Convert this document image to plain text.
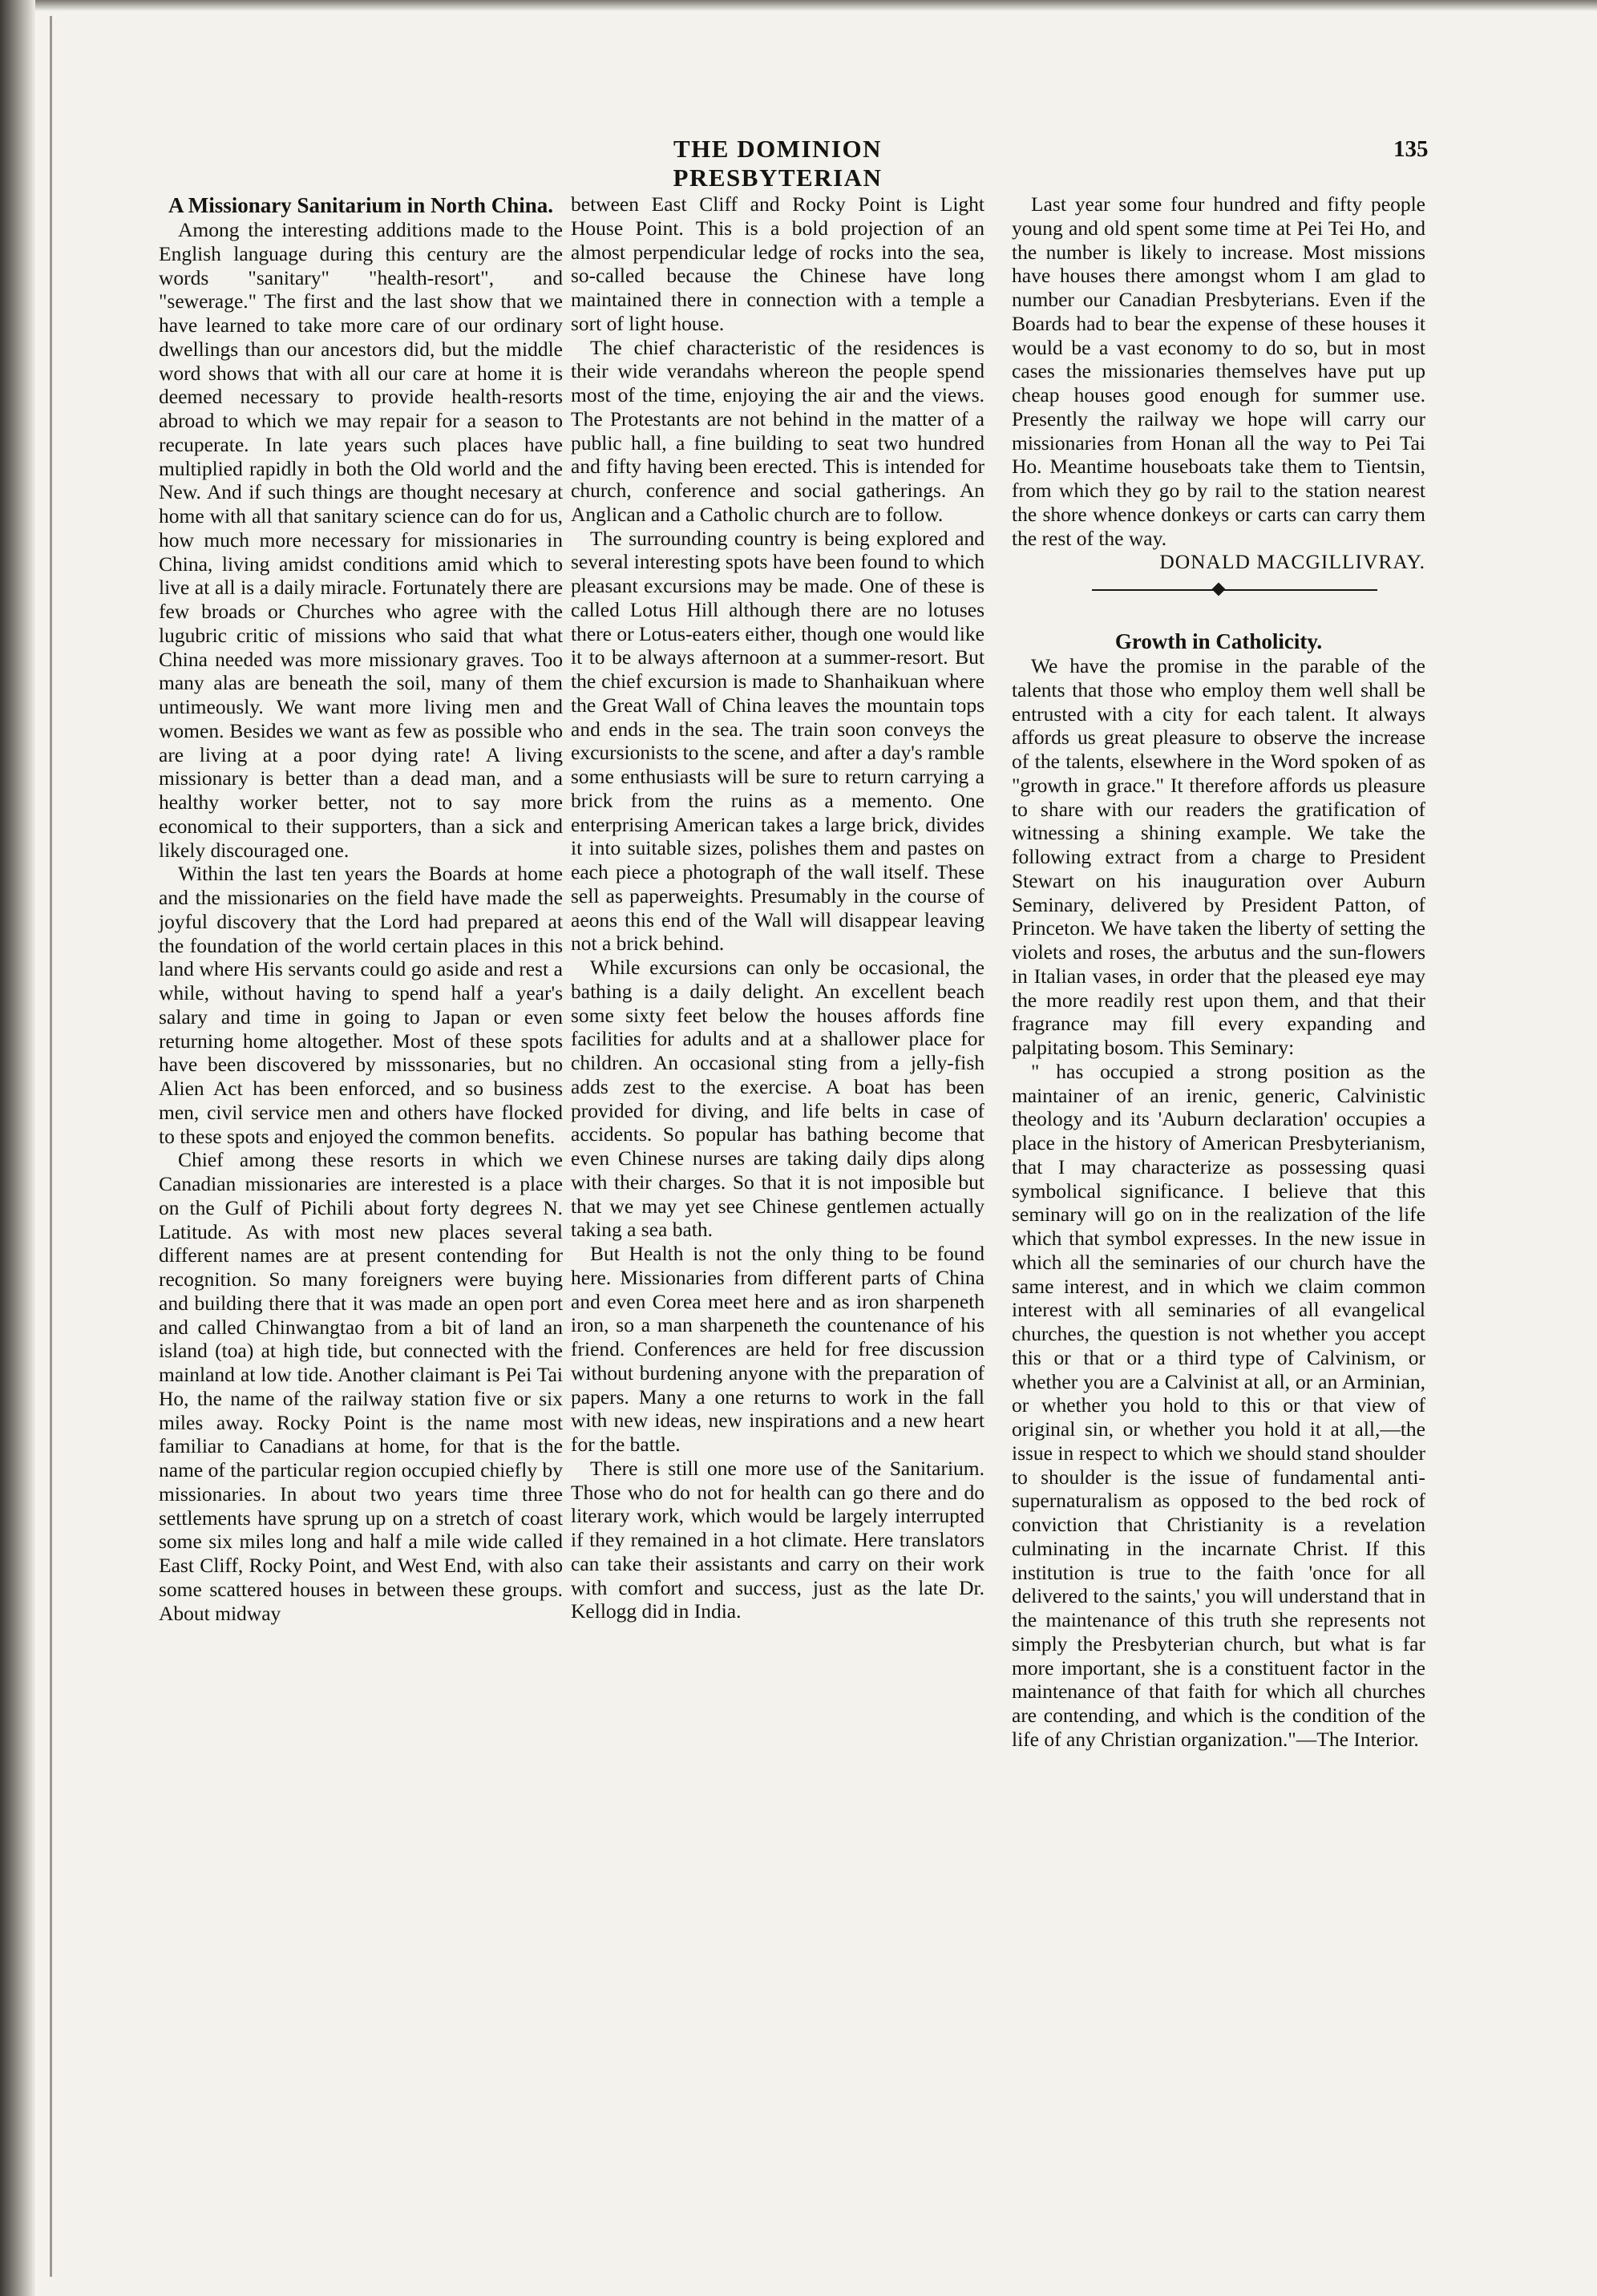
THE DOMINION PRESBYTERIAN
135
A Missionary Sanitarium in North China.

Among the interesting additions made to the English language during this century are the words "sanitary" "health-resort", and "sewerage." The first and the last show that we have learned to take more care of our ordinary dwellings than our ancestors did, but the middle word shows that with all our care at home it is deemed necessary to provide health-resorts abroad to which we may repair for a season to recuperate. In late years such places have multiplied rapidly in both the Old world and the New. And if such things are thought necesary at home with all that sanitary science can do for us, how much more necessary for missionaries in China, living amidst conditions amid which to live at all is a daily miracle. Fortunately there are few broads or Churches who agree with the lugubric critic of missions who said that what China needed was more missionary graves. Too many alas are beneath the soil, many of them untimeously. We want more living men and women. Besides we want as few as possible who are living at a poor dying rate! A living missionary is better than a dead man, and a healthy worker better, not to say more economical to their supporters, than a sick and likely discouraged one.

Within the last ten years the Boards at home and the missionaries on the field have made the joyful discovery that the Lord had prepared at the foundation of the world certain places in this land where His servants could go aside and rest a while, without having to spend half a year's salary and time in going to Japan or even returning home altogether. Most of these spots have been discovered by misssonaries, but no Alien Act has been enforced, and so business men, civil service men and others have flocked to these spots and enjoyed the common benefits.

Chief among these resorts in which we Canadian missionaries are interested is a place on the Gulf of Pichili about forty degrees N. Latitude. As with most new places several different names are at present contending for recognition. So many foreigners were buying and building there that it was made an open port and called Chinwangtao from a bit of land an island (toa) at high tide, but connected with the mainland at low tide. Another claimant is Pei Tai Ho, the name of the railway station five or six miles away. Rocky Point is the name most familiar to Canadians at home, for that is the name of the particular region occupied chiefly by missionaries. In about two years time three settlements have sprung up on a stretch of coast some six miles long and half a mile wide called East Cliff, Rocky Point, and West End, with also some scattered houses in between these groups. About midway

between East Cliff and Rocky Point is Light House Point. This is a bold projection of an almost perpendicular ledge of rocks into the sea, so-called because the Chinese have long maintained there in connection with a temple a sort of light house.

The chief characteristic of the residences is their wide verandahs whereon the people spend most of the time, enjoying the air and the views. The Protestants are not behind in the matter of a public hall, a fine building to seat two hundred and fifty having been erected. This is intended for church, conference and social gatherings. An Anglican and a Catholic church are to follow.

The surrounding country is being explored and several interesting spots have been found to which pleasant excursions may be made. One of these is called Lotus Hill although there are no lotuses there or Lotus-eaters either, though one would like it to be always afternoon at a summer-resort. But the chief excursion is made to Shanhaikuan where the Great Wall of China leaves the mountain tops and ends in the sea. The train soon conveys the excursionists to the scene, and after a day's ramble some enthusiasts will be sure to return carrying a brick from the ruins as a memento. One enterprising American takes a large brick, divides it into suitable sizes, polishes them and pastes on each piece a photograph of the wall itself. These sell as paperweights. Presumably in the course of aeons this end of the Wall will disappear leaving not a brick behind.

While excursions can only be occasional, the bathing is a daily delight. An excellent beach some sixty feet below the houses affords fine facilities for adults and at a shallower place for children. An occasional sting from a jelly-fish adds zest to the exercise. A boat has been provided for diving, and life belts in case of accidents. So popular has bathing become that even Chinese nurses are taking daily dips along with their charges. So that it is not imposible but that we may yet see Chinese gentlemen actually taking a sea bath.

But Health is not the only thing to be found here. Missionaries from different parts of China and even Corea meet here and as iron sharpeneth iron, so a man sharpeneth the countenance of his friend. Conferences are held for free discussion without burdening anyone with the preparation of papers. Many a one returns to work in the fall with new ideas, new inspirations and a new heart for the battle.

There is still one more use of the Sanitarium. Those who do not for health can go there and do literary work, which would be largely interrupted if they remained in a hot climate. Here translators can take their assistants and carry on their work with comfort and success, just as the late Dr. Kellogg did in India.

Last year some four hundred and fifty people young and old spent some time at Pei Tei Ho, and the number is likely to increase. Most missions have houses there amongst whom I am glad to number our Canadian Presbyterians. Even if the Boards had to bear the expense of these houses it would be a vast economy to do so, but in most cases the missionaries themselves have put up cheap houses good enough for summer use. Presently the railway we hope will carry our missionaries from Honan all the way to Pei Tai Ho. Meantime houseboats take them to Tientsin, from which they go by rail to the station nearest the shore whence donkeys or carts can carry them the rest of the way.

DONALD MACGILLIVRAY.

Growth in Catholicity.

We have the promise in the parable of the talents that those who employ them well shall be entrusted with a city for each talent. It always affords us great pleasure to observe the increase of the talents, elsewhere in the Word spoken of as "growth in grace." It therefore affords us pleasure to share with our readers the gratification of witnessing a shining example. We take the following extract from a charge to President Stewart on his inauguration over Auburn Seminary, delivered by President Patton, of Princeton. We have taken the liberty of setting the violets and roses, the arbutus and the sun-flowers in Italian vases, in order that the pleased eye may the more readily rest upon them, and that their fragrance may fill every expanding and palpitating bosom. This Seminary:

" has occupied a strong position as the maintainer of an irenic, generic, Calvinistic theology and its 'Auburn declaration' occupies a place in the history of American Presbyterianism, that I may characterize as possessing quasi symbolical significance. I believe that this seminary will go on in the realization of the life which that symbol expresses. In the new issue in which all the seminaries of our church have the same interest, and in which we claim common interest with all seminaries of all evangelical churches, the question is not whether you accept this or that or a third type of Calvinism, or whether you are a Calvinist at all, or an Arminian, or whether you hold to this or that view of original sin, or whether you hold it at all,—the issue in respect to which we should stand shoulder to shoulder is the issue of fundamental anti-supernaturalism as opposed to the bed rock of conviction that Christianity is a revelation culminating in the incarnate Christ. If this institution is true to the faith 'once for all delivered to the saints,' you will understand that in the maintenance of this truth she represents not simply the Presbyterian church, but what is far more important, she is a constituent factor in the maintenance of that faith for which all churches are contending, and which is the condition of the life of any Christian organization."—The Interior.
